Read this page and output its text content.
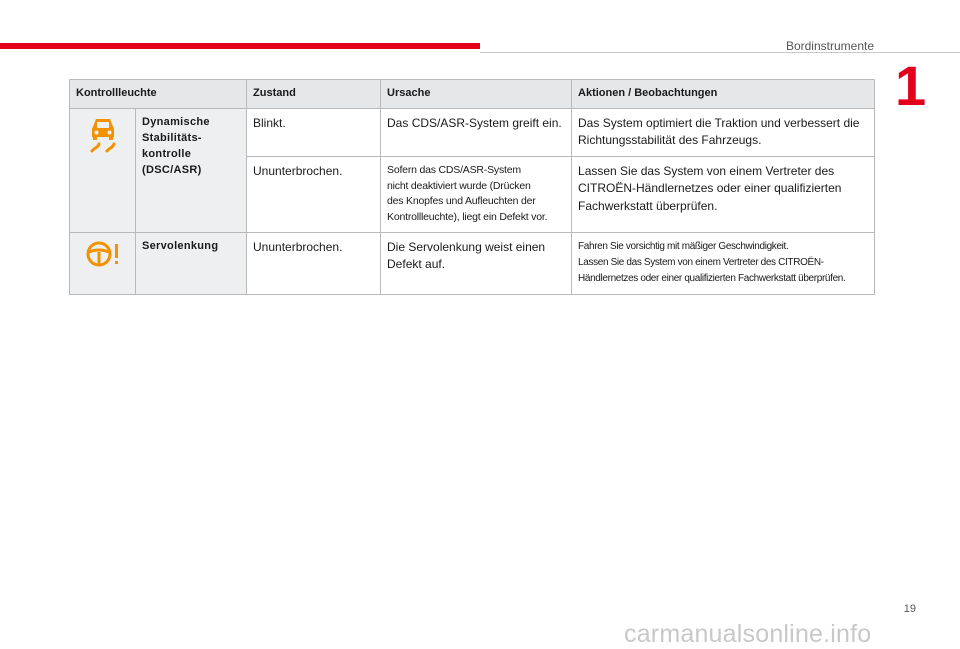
Bordinstrumente
1
Kontrollleuchte		Zustand	Ursache	Aktionen / Beobachtungen

Dynamische
Stabilitäts-
kontrolle
(DSC/ASR)	Blinkt.	Das CDS/ASR-System greift ein.	Das System optimiert die Traktion und verbessert die Richtungsstabilität des Fahrzeugs.
		Ununterbrochen.	Sofern das CDS/ASR-System
nicht deaktiviert wurde (Drücken
des Knopfes und Aufleuchten der
Kontrollleuchte), liegt ein Defekt vor.	Lassen Sie das System von einem Vertreter des CITROËN-Händlernetzes oder einer qualifizierten Fachwerkstatt überprüfen.
	Servolenkung	Ununterbrochen.	Die Servolenkung weist einen Defekt auf.	Fahren Sie vorsichtig mit mäßiger Geschwindigkeit.
Lassen Sie das System von einem Vertreter des CITROËN-
Händlernetzes oder einer qualifizierten Fachwerkstatt überprüfen.
19
carmanualsonline.info
